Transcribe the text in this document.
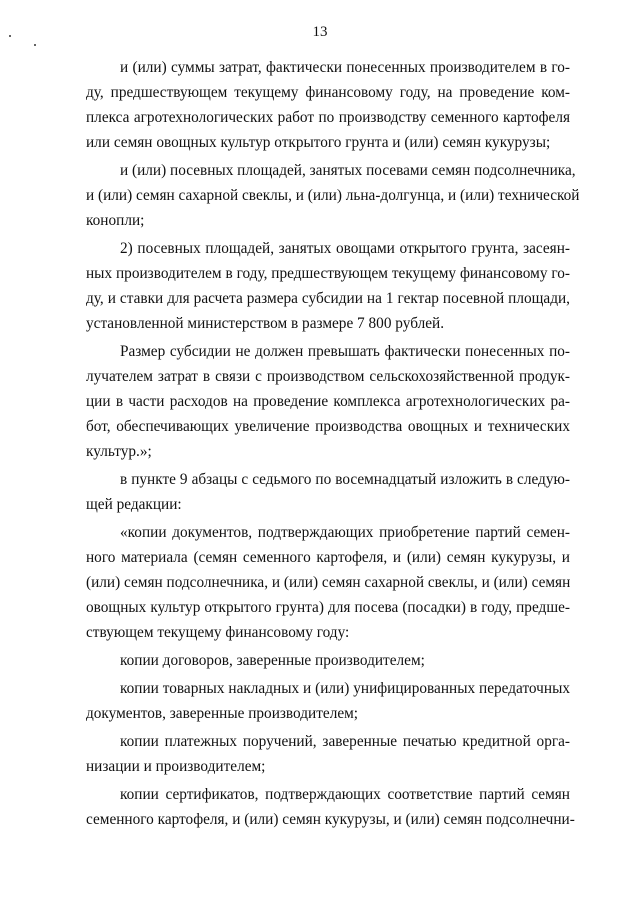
13
и (или) суммы затрат, фактически понесенных производителем в го-
ду, предшествующем текущему финансовому году, на проведение ком-
плекса агротехнологических работ по производству семенного картофеля
или семян овощных культур открытого грунта и (или) семян кукурузы;
и (или) посевных площадей, занятых посевами семян подсолнечника,
и (или) семян сахарной свеклы, и (или) льна-долгунца, и (или) технической
конопли;
2) посевных площадей, занятых овощами открытого грунта, засеян-
ных производителем в году, предшествующем текущему финансовому го-
ду, и ставки для расчета размера субсидии на 1 гектар посевной площади,
установленной министерством в размере 7 800 рублей.
Размер субсидии не должен превышать фактически понесенных по-
лучателем затрат в связи с производством сельскохозяйственной продук-
ции в части расходов на проведение комплекса агротехнологических ра-
бот, обеспечивающих увеличение производства овощных и технических
культур.»;
в пункте 9 абзацы с седьмого по восемнадцатый изложить в следую-
щей редакции:
«копии документов, подтверждающих приобретение партий семен-
ного материала (семян семенного картофеля, и (или) семян кукурузы, и
(или) семян подсолнечника, и (или) семян сахарной свеклы, и (или) семян
овощных культур открытого грунта) для посева (посадки) в году, предше-
ствующем текущему финансовому году:
копии договоров, заверенные производителем;
копии товарных накладных и (или) унифицированных передаточных
документов, заверенные производителем;
копии платежных поручений, заверенные печатью кредитной орга-
низации и производителем;
копии сертификатов, подтверждающих соответствие партий семян
семенного картофеля, и (или) семян кукурузы, и (или) семян подсолнечни-
